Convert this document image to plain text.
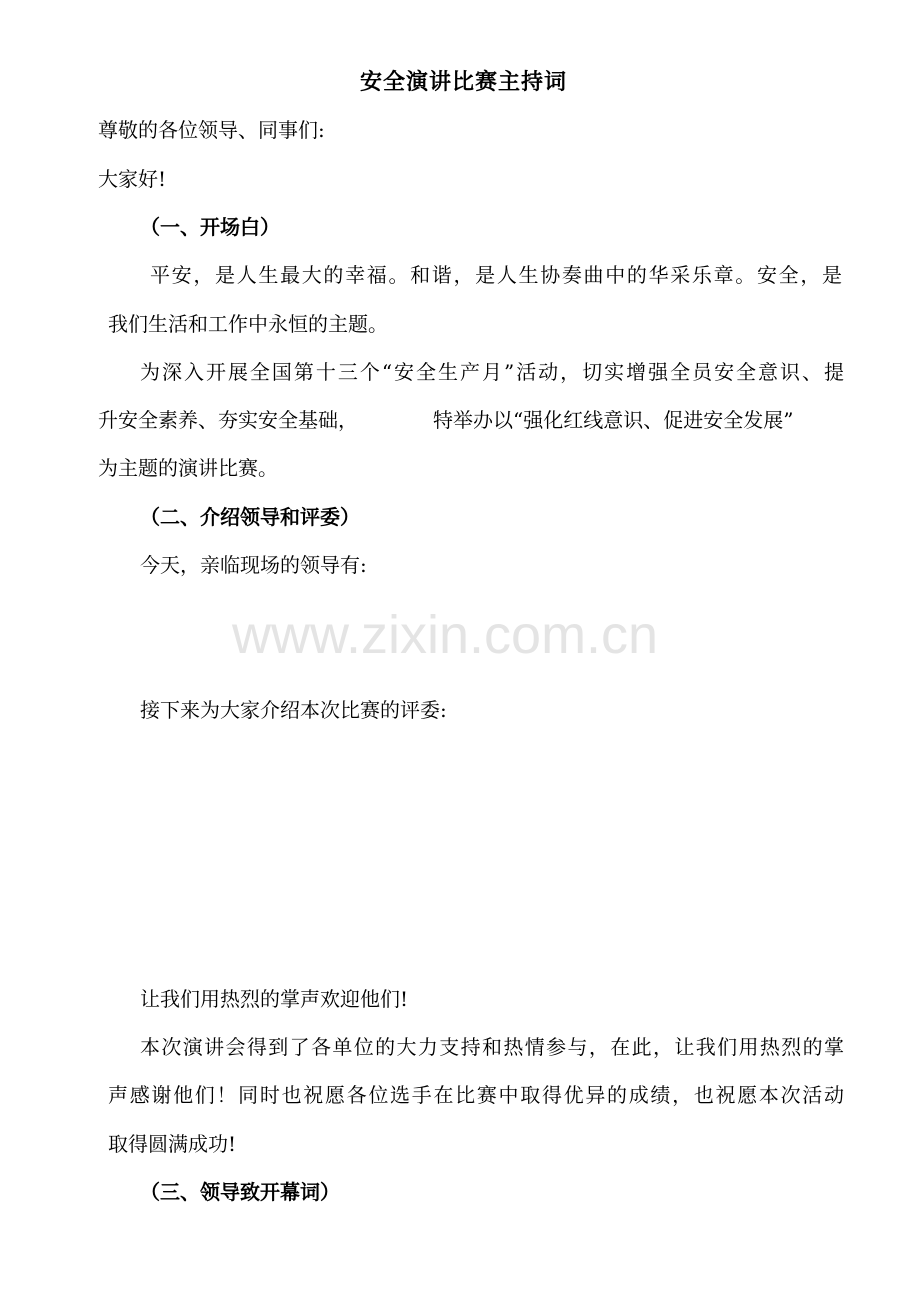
安全演讲比赛主持词
尊敬的各位领导、同事们:
大家好!
（一、开场白）
平安，是人生最大的幸福。和谐，是人生协奏曲中的华采乐章。安全，是
我们生活和工作中永恒的主题。
为深入开展全国第十三个“安全生产月”活动，切实增强全员安全意识、提
升安全素养、夯实安全基础，	特举办以“强化红线意识、促进安全发展”
为主题的演讲比赛。
（二、介绍领导和评委）
今天，亲临现场的领导有:
www.zixin.com.cn
接下来为大家介绍本次比赛的评委:
让我们用热烈的掌声欢迎他们!
本次演讲会得到了各单位的大力支持和热情参与，在此，让我们用热烈的掌
声感谢他们！同时也祝愿各位选手在比赛中取得优异的成绩，也祝愿本次活动
取得圆满成功!
（三、领导致开幕词）
